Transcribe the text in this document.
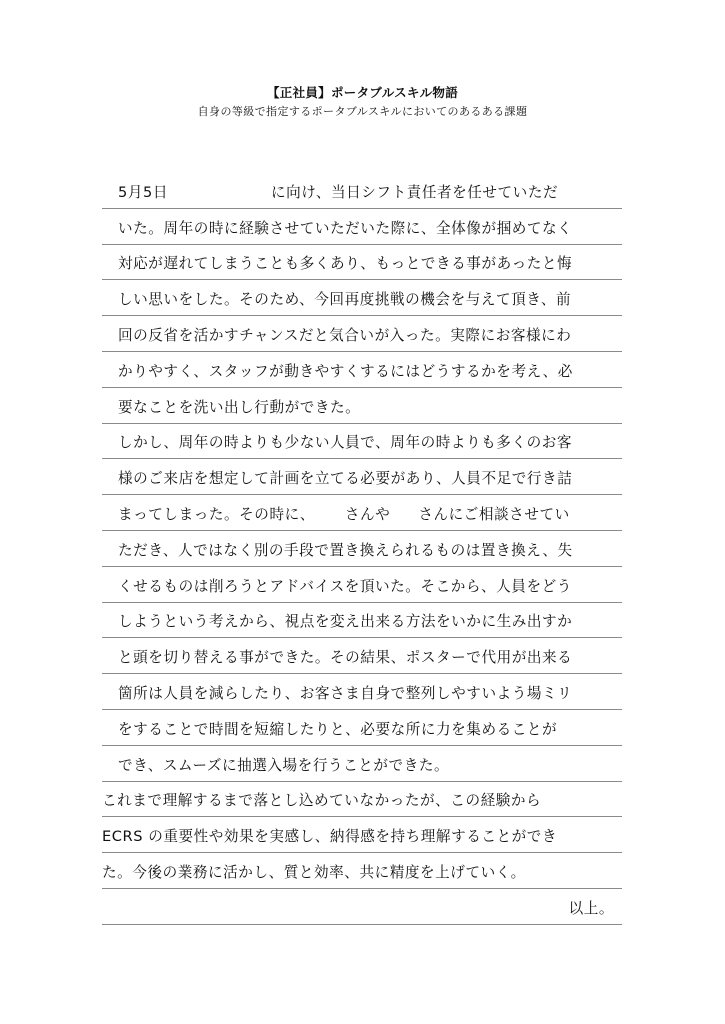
【正社員】ポータブルスキル物語
自身の等級で指定するポータブルスキルにおいてのあるある課題
5月5日	に向け、当日シフト責任者を任せていただ
いた。周年の時に経験させていただいた際に、全体像が掴めてなく
対応が遅れてしまうことも多くあり、もっとできる事があったと悔
しい思いをした。そのため、今回再度挑戦の機会を与えて頂き、前
回の反省を活かすチャンスだと気合いが入った。実際にお客様にわ
かりやすく、スタッフが動きやすくするにはどうするかを考え、必
要なことを洗い出し行動ができた。
しかし、周年の時よりも少ない人員で、周年の時よりも多くのお客
様のご来店を想定して計画を立てる必要があり、人員不足で行き詰
まってしまった。その時に、 さんや さんにご相談させてい
ただき、人ではなく別の手段で置き換えられるものは置き換え、失
くせるものは削ろうとアドバイスを頂いた。そこから、人員をどう
しようという考えから、視点を変え出来る方法をいかに生み出すか
と頭を切り替える事ができた。その結果、ポスターで代用が出来る
箇所は人員を減らしたり、お客さま自身で整列しやすいよう場ミリ
をすることで時間を短縮したりと、必要な所に力を集めることが
でき、スムーズに抽選入場を行うことができた。
これまで理解するまで落とし込めていなかったが、この経験から
ECRS の重要性や効果を実感し、納得感を持ち理解することができ
た。今後の業務に活かし、質と効率、共に精度を上げていく。
以上。
